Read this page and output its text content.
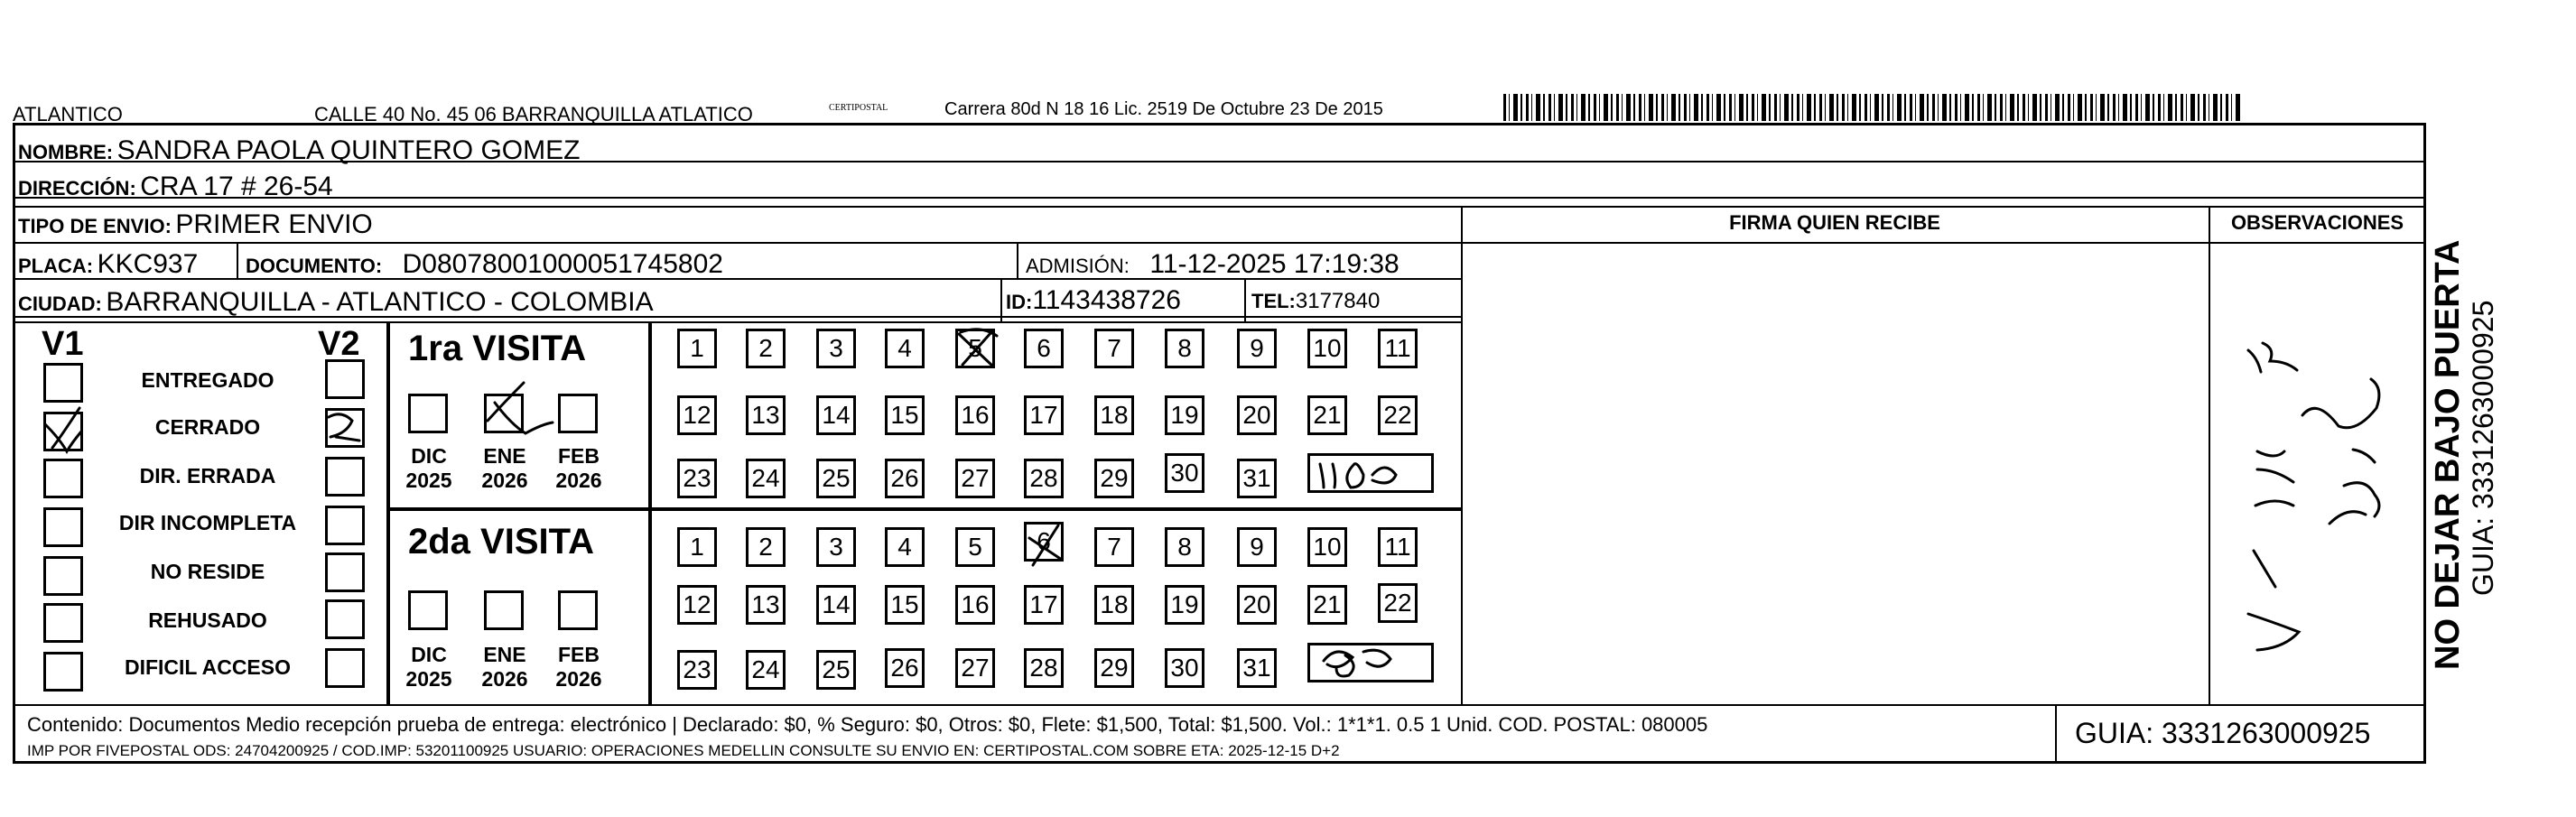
ATLANTICO	CALLE 40 No. 45 06 BARRANQUILLA ATLATICO	CERTIPOSTAL	Carrera 80d N 18 16 Lic. 2519 De Octubre 23 De 2015
NOMBRE: SANDRA PAOLA QUINTERO GOMEZ
DIRECCIÓN: CRA 17 # 26-54
TIPO DE ENVIO: PRIMER ENVIO
PLACA: KKC937 DOCUMENTO: D08078001000051745802	ADMISIÓN: 11-12-2025 17:19:38
CIUDAD: BARRANQUILLA - ATLANTICO - COLOMBIA	ID:1143438726	TEL:3177840
FIRMA QUIEN RECIBE	OBSERVACIONES
V1	V2
ENTREGADO
CERRADO
DIR. ERRADA
DIR INCOMPLETA
NO RESIDE
REHUSADO
DIFICIL ACCESO
1ra VISITA
DIC
2025
ENE
2026
FEB
2026
1	2	3	4	5	6	7	8	9	10 11
12 13 14 15 16 17 18 19 20 21 22
23 24 25 26 27 28 29 30 31
2da VISITA
DIC
2025
ENE
2026
FEB
2026
1	2	3	4	5	6	7	8	9	10 11
12 13 14 15 16 17 18 19 20 21 22
23 24 25 26 27 28 29 30 31
Contenido: Documentos Medio recepción prueba de entrega: electrónico | Declarado: $0, % Seguro: $0, Otros: $0, Flete: $1,500, Total: $1,500. Vol.: 1*1*1. 0.5 1 Unid. COD. POSTAL: 080005
IMP POR FIVEPOSTAL ODS: 24704200925 / COD.IMP: 53201100925 USUARIO: OPERACIONES MEDELLIN CONSULTE SU ENVIO EN: CERTIPOSTAL.COM SOBRE ETA: 2025-12-15 D+2
GUIA: 3331263000925
NO DEJAR BAJO PUERTA GUIA: 3331263000925
